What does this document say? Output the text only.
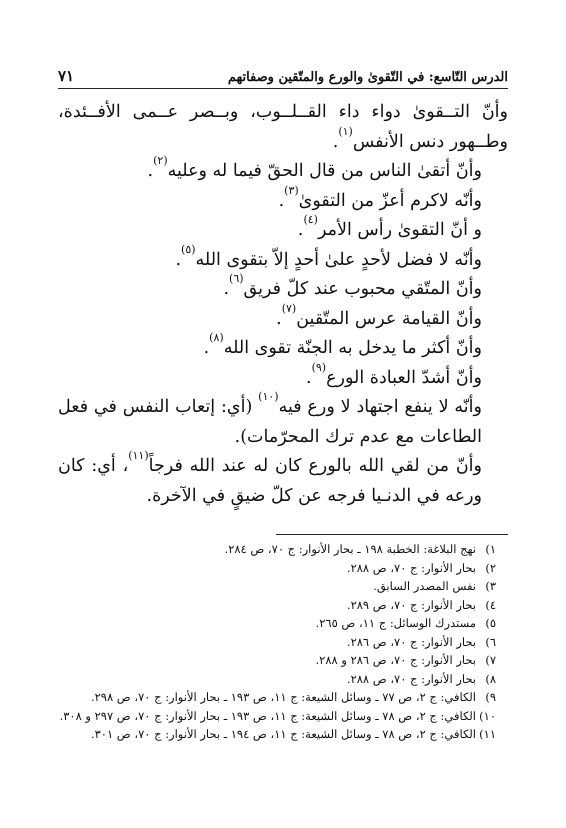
الدرس التّاسع: في التّقوىٰ والورع والمتّقين وصفاتهم
٧١

وأنّ التــقوىٰ دواء داء القــلــوب، وبــصر عــمى الأفــئدة، وطــهور دنس الأنفس$^{(١)}$.

وأنّ أتقىٰ الناس من قال الحقّ فيما له وعليه$^{(٢)}$.

وأنّه لاكرم أعزّ من التقوىٰ$^{(٣)}$.

و أنّ التقوىٰ رأس الأمر$^{(٤)}$.

وأنّه لا فضل لأحدٍ علىٰ أحدٍ إلاّ بتقوى الله$^{(٥)}$.

وأنّ المتّقي محبوب عند كلّ فريق$^{(٦)}$.

وأنّ القيامة عرس المتّقين$^{(٧)}$.

وأنّ أكثر ما يدخل به الجنّة تقوى الله$^{(٨)}$.

وأنّ أشدّ العبادة الورع$^{(٩)}$.

وأنّه لا ينفع اجتهاد لا ورع فيه$^{(١٠)}$ (أي: إتعاب النفس في فعل الطاعات مع عدم ترك المحرّمات).

وأنّ من لقي الله بالورع كان له عند الله فرجاً$^{(١١)}$، أي: كان ورعه في الدنـيا فرجه عن كلّ ضيقٍ في الآخرة.

١)
نهج البلاغة: الخطبة ١٩٨ ـ بحار الأنوار: ج ٧٠، ص ٢٨٤.
٢)
بحار الأنوار: ج ٧٠، ص ٢٨٨.
٣)
نفس المصدر السابق.
٤)
بحار الأنوار: ج ٧٠، ص ٢٨٩.
٥)
مستدرك الوسائل: ج ١١، ص ٢٦٥.
٦)
بحار الأنوار: ج ٧٠، ص ٢٨٦.
٧)
بحار الأنوار: ج ٧٠، ص ٢٨٦ و ٢٨٨.
٨)
بحار الأنوار: ج ٧٠، ص ٢٨٨.
٩)
الكافي: ج ٢، ص ٧٧ ـ وسائل الشيعة: ج ١١، ص ١٩٣ ـ بحار الأنوار: ج ٧٠، ص ٢٩٨.
١٠)
الكافي: ج ٢، ص ٧٨ ـ وسائل الشيعة: ج ١١، ص ١٩٣ ـ بحار الأنوار: ج ٧٠، ص ٢٩٧ و ٣٠٨.
١١)
الكافي: ج ٢، ص ٧٨ ـ وسائل الشيعة: ج ١١، ص ١٩٤ ـ بحار الأنوار: ج ٧٠، ص ٣٠١.
